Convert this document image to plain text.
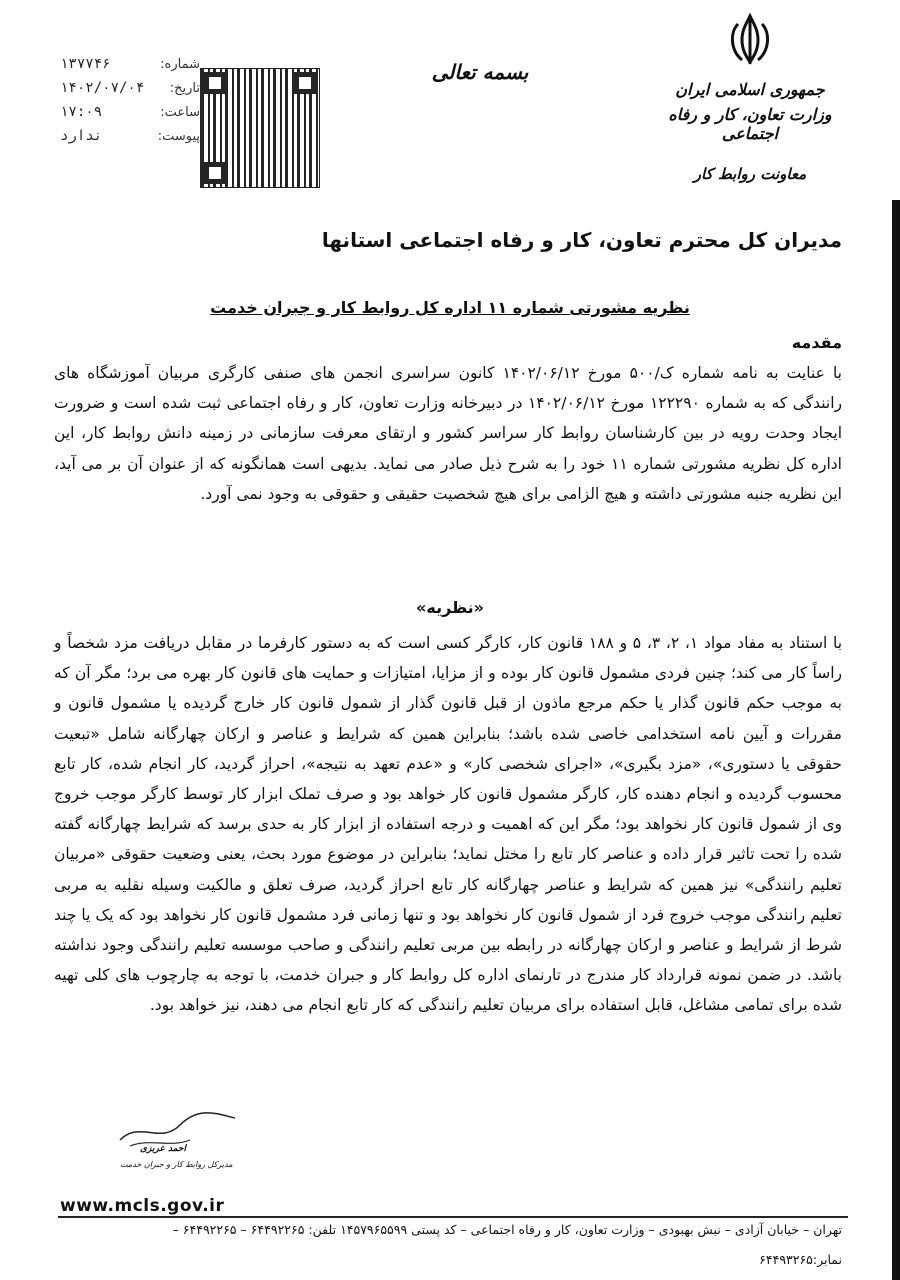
۱۳۷۷۴۶	شماره:
۱۴۰۲/۰۷/۰۴ تاریخ:
۱۷:۰۹	ساعت:
ندارد	پیوست:
بسمه تعالی
جمهوری اسلامی ایران
وزارت تعاون، کار و رفاه اجتماعی
معاونت روابط کار
مدیران کل محترم تعاون، کار و رفاه اجتماعی استانها
نظریه مشورتی شماره ۱۱ اداره کل روابط کار و جبران خدمت
مقدمه
با عنایت به نامه شماره ک/۵۰۰ مورخ ۱۴۰۲/۰۶/۱۲ کانون سراسری انجمن های صنفی کارگری مربیان آموزشگاه های رانندگی که به شماره ۱۲۲۲۹۰ مورخ ۱۴۰۲/۰۶/۱۲ در دبیرخانه وزارت تعاون، کار و رفاه اجتماعی ثبت شده است و ضرورت ایجاد وحدت رویه در بین کارشناسان روابط کار سراسر کشور و ارتقای معرفت سازمانی در زمینه دانش روابط کار، این اداره کل نظریه مشورتی شماره ۱۱ خود را به شرح ذیل صادر می نماید. بدیهی است همانگونه که از عنوان آن بر می آید، این نظریه جنبه مشورتی داشته و هیچ الزامی برای هیچ شخصیت حقیقی و حقوقی به وجود نمی آورد.
«نظریه»
با استناد به مفاد مواد ۱، ۲، ۳، ۵ و ۱۸۸ قانون کار، کارگر کسی است که به دستور کارفرما در مقابل دریافت مزد شخصاً و راساً کار می کند؛ چنین فردی مشمول قانون کار بوده و از مزایا، امتیازات و حمایت های قانون کار بهره می برد؛ مگر آن که به موجب حکم قانون گذار یا حکم مرجع ماذون از قبل قانون گذار از شمول قانون کار خارج گردیده یا مشمول قانون و مقررات و آیین نامه استخدامی خاصی شده باشد؛ بنابراین همین که شرایط و عناصر و ارکان چهارگانه شامل «تبعیت حقوقی یا دستوری»، «مزد بگیری»، «اجرای شخصی کار» و «عدم تعهد به نتیجه»، احراز گردید، کار انجام شده، کار تابع محسوب گردیده و انجام دهنده کار، کارگر مشمول قانون کار خواهد بود و صرف تملک ابزار کار توسط کارگر موجب خروج وی از شمول قانون کار نخواهد بود؛ مگر این که اهمیت و درجه استفاده از ابزار کار به حدی برسد که شرایط چهارگانه گفته شده را تحت تاثیر قرار داده و عناصر کار تابع را مختل نماید؛ بنابراین در موضوع مورد بحث، یعنی وضعیت حقوقی «مربیان تعلیم رانندگی» نیز همین که شرایط و عناصر چهارگانه کار تابع احراز گردید، صرف تعلق و مالکیت وسیله نقلیه به مربی تعلیم رانندگی موجب خروج فرد از شمول قانون کار نخواهد بود و تنها زمانی فرد مشمول قانون کار نخواهد بود که یک یا چند شرط از شرایط و عناصر و ارکان چهارگانه در رابطه بین مربی تعلیم رانندگی و صاحب موسسه تعلیم رانندگی وجود نداشته باشد. در ضمن نمونه قرارداد کار مندرج در تارنمای اداره کل روابط کار و جبران خدمت، با توجه به چارچوب های کلی تهیه شده برای تمامی مشاغل، قابل استفاده برای مربیان تعلیم رانندگی که کار تابع انجام می دهند، نیز خواهد بود.
احمد عربزی
مدیرکل روابط کار و جبران خدمت
www.mcls.gov.ir
تهران – خیابان آزادی – نبش بهبودی – وزارت تعاون، کار و رفاه اجتماعی – کد پستی ۱۴۵۷۹۶۵۵۹۹ تلفن: ۶۴۴۹۲۲۶۵ – ۶۴۴۹۲۲۶۵ –
نمابر:۶۴۴۹۳۲۶۵
